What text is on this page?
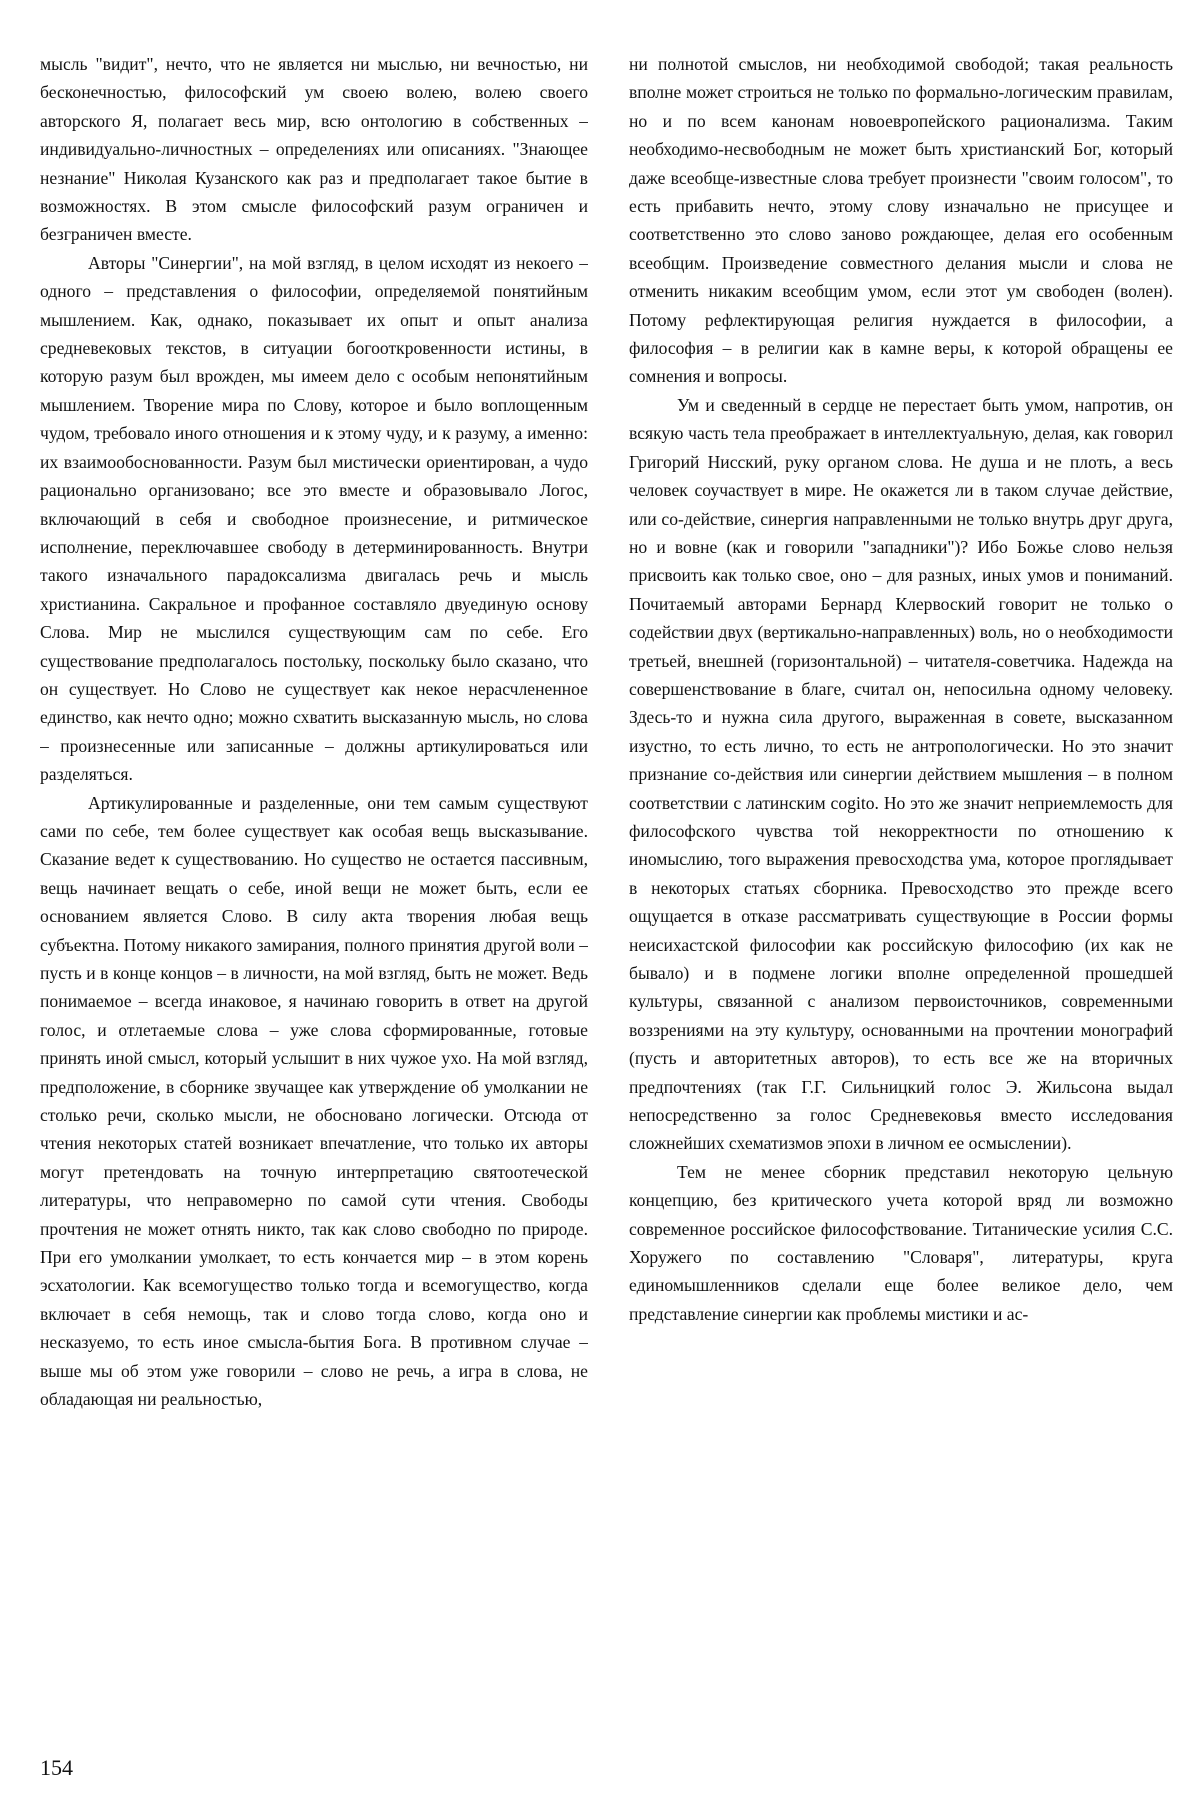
мысль "видит", нечто, что не является ни мыслью, ни вечностью, ни бесконечностью, философский ум своею волею, волею своего авторского Я, полагает весь мир, всю онтологию в собственных – индивидуально-личностных – определениях или описаниях. "Знающее незнание" Николая Кузанского как раз и предполагает такое бытие в возможностях. В этом смысле философский разум ограничен и безграничен вместе.

Авторы "Синергии", на мой взгляд, в целом исходят из некоего – одного – представления о философии, определяемой понятийным мышлением. Как, однако, показывает их опыт и опыт анализа средневековых текстов, в ситуации богооткровенности истины, в которую разум был врожден, мы имеем дело с особым непонятийным мышлением. Творение мира по Слову, которое и было воплощенным чудом, требовало иного отношения и к этому чуду, и к разуму, а именно: их взаимообоснованности. Разум был мистически ориентирован, а чудо рационально организовано; все это вместе и образовывало Логос, включающий в себя и свободное произнесение, и ритмическое исполнение, переключавшее свободу в детерминированность. Внутри такого изначального парадоксализма двигалась речь и мысль христианина. Сакральное и профанное составляло двуединую основу Слова. Мир не мыслился существующим сам по себе. Его существование предполагалось постольку, поскольку было сказано, что он существует. Но Слово не существует как некое нерасчлененное единство, как нечто одно; можно схватить высказанную мысль, но слова – произнесенные или записанные – должны артикулироваться или разделяться.

Артикулированные и разделенные, они тем самым существуют сами по себе, тем более существует как особая вещь высказывание. Сказание ведет к существованию. Но существо не остается пассивным, вещь начинает вещать о себе, иной вещи не может быть, если ее основанием является Слово. В силу акта творения любая вещь субъектна. Потому никакого замирания, полного принятия другой воли – пусть и в конце концов – в личности, на мой взгляд, быть не может. Ведь понимаемое – всегда инаковое, я начинаю говорить в ответ на другой голос, и отлетаемые слова – уже слова сформированные, готовые принять иной смысл, который услышит в них чужое ухо. На мой взгляд, предположение, в сборнике звучащее как утверждение об умолкании не столько речи, сколько мысли, не обосновано логически. Отсюда от чтения некоторых статей возникает впечатление, что только их авторы могут претендовать на точную интерпретацию святоотеческой литературы, что неправомерно по самой сути чтения. Свободы прочтения не может отнять никто, так как слово свободно по природе. При его умолкании умолкает, то есть кончается мир – в этом корень эсхатологии. Как всемогущество только тогда и всемогущество, когда включает в себя немощь, так и слово тогда слово, когда оно и несказуемо, то есть иное смысла-бытия Бога. В противном случае – выше мы об этом уже говорили – слово не речь, а игра в слова, не обладающая ни реальностью,

ни полнотой смыслов, ни необходимой свободой; такая реальность вполне может строиться не только по формально-логическим правилам, но и по всем канонам новоевропейского рационализма. Таким необходимо-несвободным не может быть христианский Бог, который даже всеобще-известные слова требует произнести "своим голосом", то есть прибавить нечто, этому слову изначально не присущее и соответственно это слово заново рождающее, делая его особенным всеобщим. Произведение совместного делания мысли и слова не отменить никаким всеобщим умом, если этот ум свободен (волен). Потому рефлектирующая религия нуждается в философии, а философия – в религии как в камне веры, к которой обращены ее сомнения и вопросы.

Ум и сведенный в сердце не перестает быть умом, напротив, он всякую часть тела преображает в интеллектуальную, делая, как говорил Григорий Нисский, руку органом слова. Не душа и не плоть, а весь человек соучаствует в мире. Не окажется ли в таком случае действие, или со-действие, синергия направленными не только внутрь друг друга, но и вовне (как и говорили "западники")? Ибо Божье слово нельзя присвоить как только свое, оно – для разных, иных умов и пониманий. Почитаемый авторами Бернард Клервоский говорит не только о содействии двух (вертикально-направленных) воль, но о необходимости третьей, внешней (горизонтальной) – читателя-советчика. Надежда на совершенствование в благе, считал он, непосильна одному человеку. Здесь-то и нужна сила другого, выраженная в совете, высказанном изустно, то есть лично, то есть не антропологически. Но это значит признание со-действия или синергии действием мышления – в полном соответствии с латинским cogito. Но это же значит неприемлемость для философского чувства той некорректности по отношению к иномыслию, того выражения превосходства ума, которое проглядывает в некоторых статьях сборника. Превосходство это прежде всего ощущается в отказе рассматривать существующие в России формы неисихастской философии как российскую философию (их как не бывало) и в подмене логики вполне определенной прошедшей культуры, связанной с анализом первоисточников, современными воззрениями на эту культуру, основанными на прочтении монографий (пусть и авторитетных авторов), то есть все же на вторичных предпочтениях (так Г.Г. Сильницкий голос Э. Жильсона выдал непосредственно за голос Средневековья вместо исследования сложнейших схематизмов эпохи в личном ее осмыслении).

Тем не менее сборник представил некоторую цельную концепцию, без критического учета которой вряд ли возможно современное российское философствование. Титанические усилия С.С. Хоружего по составлению "Словаря", литературы, круга единомышленников сделали еще более великое дело, чем представление синергии как проблемы мистики и ас-

154
